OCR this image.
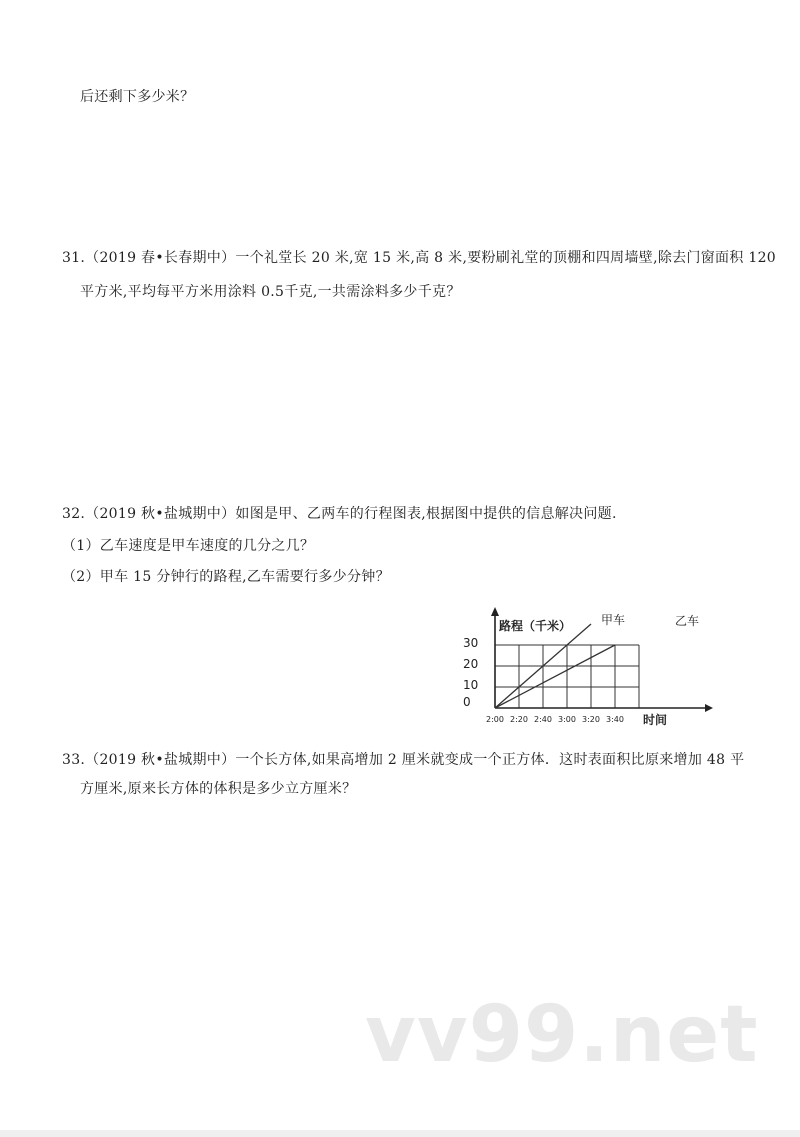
后还剩下多少米？
31.（2019 春•长春期中）一个礼堂长 20 米,宽 15 米,高 8 米,要粉刷礼堂的顶棚和四周墙壁,除去门窗面积 120
平方米,平均每平方米用涂料 0.5千克,一共需涂料多少千克？
32.（2019 秋•盐城期中）如图是甲、乙两车的行程图表,根据图中提供的信息解决问题.
（1）乙车速度是甲车速度的几分之几？
（2）甲车 15 分钟行的路程,乙车需要行多少分钟？
2:00 2:20 2:40 3:00 3:20 3:40
0
10
20
30
路程（千米）
时间
甲车	乙车
33.（2019 秋•盐城期中）一个长方体,如果高增加 2 厘米就变成一个正方体．这时表面积比原来增加 48 平
方厘米,原来长方体的体积是多少立方厘米？
vv99.net
